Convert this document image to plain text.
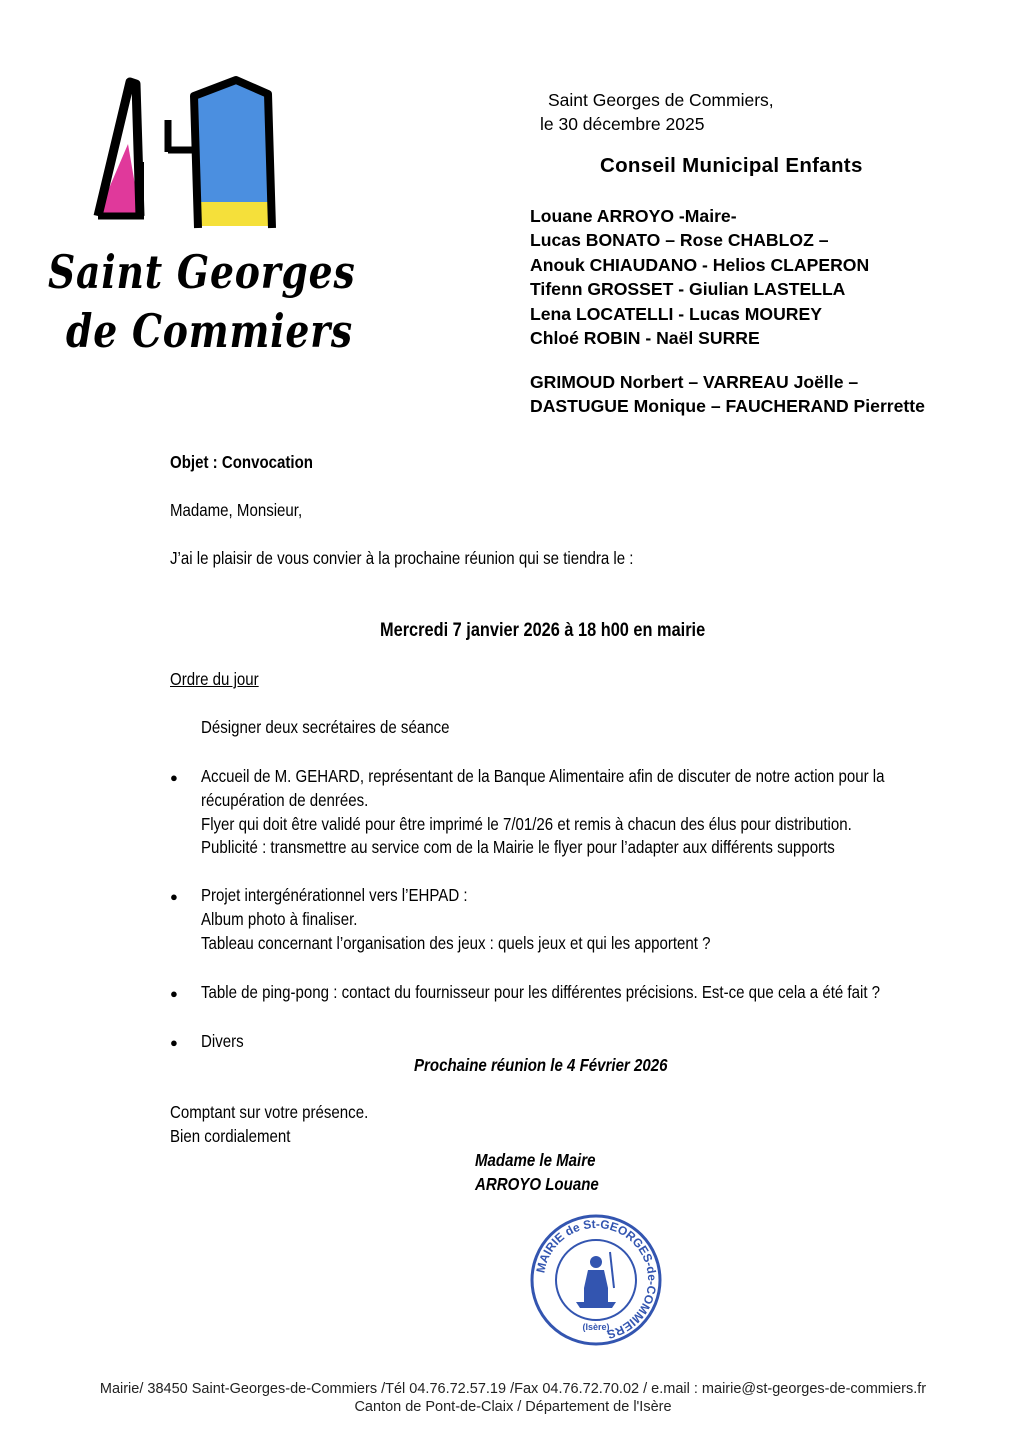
Saint Georges
de Commiers
Saint Georges de Commiers,
le 30 décembre 2025
Conseil Municipal Enfants
Louane ARROYO -Maire-
Lucas BONATO – Rose CHABLOZ –
Anouk CHIAUDANO - Helios CLAPERON
Tifenn GROSSET - Giulian LASTELLA
Lena LOCATELLI - Lucas MOUREY
Chloé ROBIN - Naël SURRE
GRIMOUD Norbert – VARREAU Joëlle –
DASTUGUE Monique – FAUCHERAND Pierrette
Objet : Convocation
Madame, Monsieur,
J’ai le plaisir de vous convier à la prochaine réunion qui se tiendra le :
Mercredi 7 janvier 2026 à 18 h00 en mairie
Ordre du jour
Désigner deux secrétaires de séance
● Accueil de M. GEHARD, représentant de la Banque Alimentaire afin de discuter de notre action pour la
récupération de denrées.
Flyer qui doit être validé pour être imprimé le 7/01/26 et remis à chacun des élus pour distribution.
Publicité : transmettre au service com de la Mairie le flyer pour l’adapter aux différents supports
● Projet intergénérationnel vers l’EHPAD :
Album photo à finaliser.
Tableau concernant l’organisation des jeux : quels jeux et qui les apportent ?
● Table de ping-pong : contact du fournisseur pour les différentes précisions. Est-ce que cela a été fait ?
● Divers
Prochaine réunion le 4 Février 2026
Comptant sur votre présence.
Bien cordialement
Madame le Maire
ARROYO Louane
MAIRIE de St-GEORGES-de-COMMIERS
(Isère)
Mairie/ 38450 Saint-Georges-de-Commiers /Tél 04.76.72.57.19 /Fax 04.76.72.70.02 / e.mail : mairie@st-georges-de-commiers.fr
Canton de Pont-de-Claix / Département de l'Isère
